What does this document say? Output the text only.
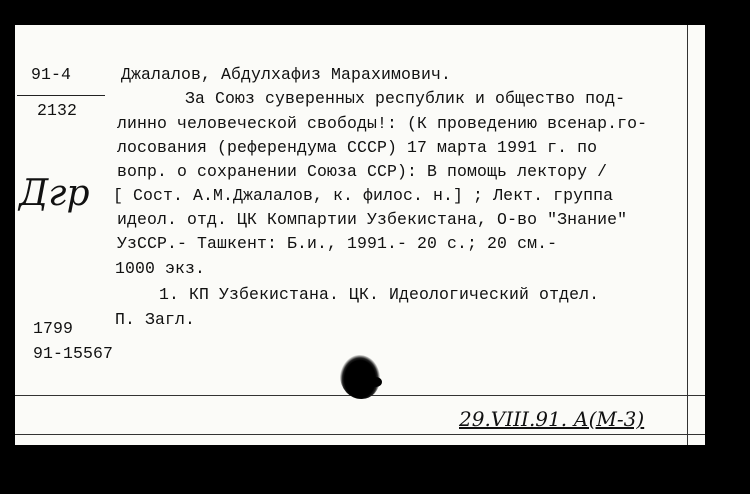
91-4
2132
Джалалов, Абдулхафиз Марахимович.
За Союз суверенных республик и общество под-
линно человеческой свободы!: (К проведению всенар.го-
лосования (референдума СССР) 17 марта 1991 г. по
вопр. о сохранении Союза ССР): В помощь лектору /
[ Сост. А.М.Джалалов, к. филос. н.] ; Лект. группа
идеол. отд. ЦК Компартии Узбекистана, О-во "Знание"
УзССР.- Ташкент: Б.и., 1991.- 20 с.; 20 см.-
1000 экз.
1. КП Узбекистана. ЦК. Идеологический отдел.
П. Загл.
1799
91-15567
Дгр
29.VIII.91. А(М-3)
